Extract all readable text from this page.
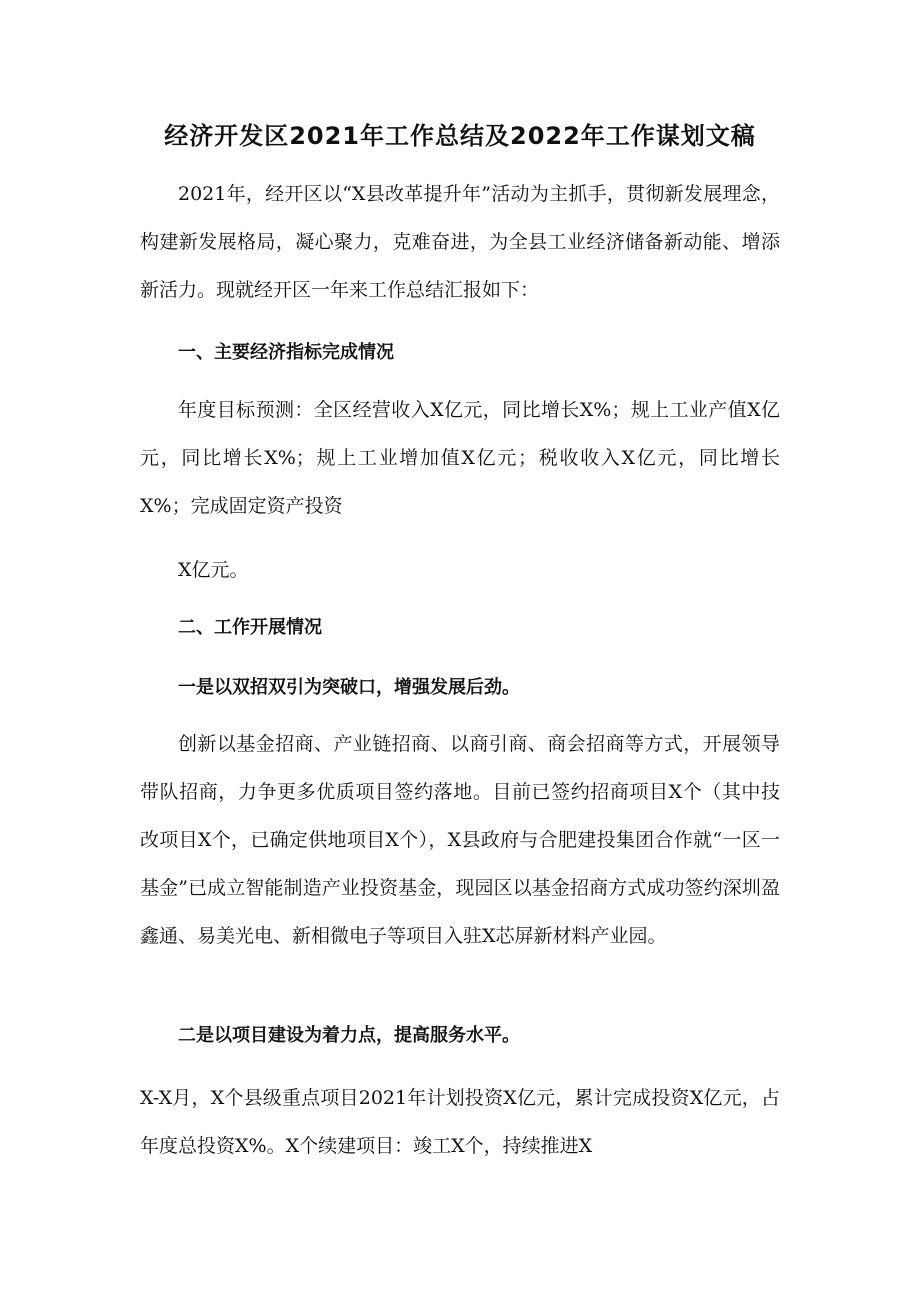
经济开发区2021年工作总结及2022年工作谋划文稿

2021年，经开区以“X县改革提升年”活动为主抓手，贯彻新发展理念，构建新发展格局，凝心聚力，克难奋进，为全县工业经济储备新动能、增添新活力。现就经开区一年来工作总结汇报如下：

一、主要经济指标完成情况

年度目标预测：全区经营收入X亿元，同比增长X%；规上工业产值X亿元，同比增长X%；规上工业增加值X亿元；税收收入X亿元，同比增长X%；完成固定资产投资

X亿元。

二、工作开展情况
一是以双招双引为突破口，增强发展后劲。

创新以基金招商、产业链招商、以商引商、商会招商等方式，开展领导带队招商，力争更多优质项目签约落地。目前已签约招商项目X个（其中技改项目X个，已确定供地项目X个），X县政府与合肥建投集团合作就“一区一基金”已成立智能制造产业投资基金，现园区以基金招商方式成功签约深圳盈鑫通、易美光电、新相微电子等项目入驻X芯屏新材料产业园。

二是以项目建设为着力点，提高服务水平。

X-X月，X个县级重点项目2021年计划投资X亿元，累计完成投资X亿元，占年度总投资X%。X个续建项目：竣工X个，持续推进X
